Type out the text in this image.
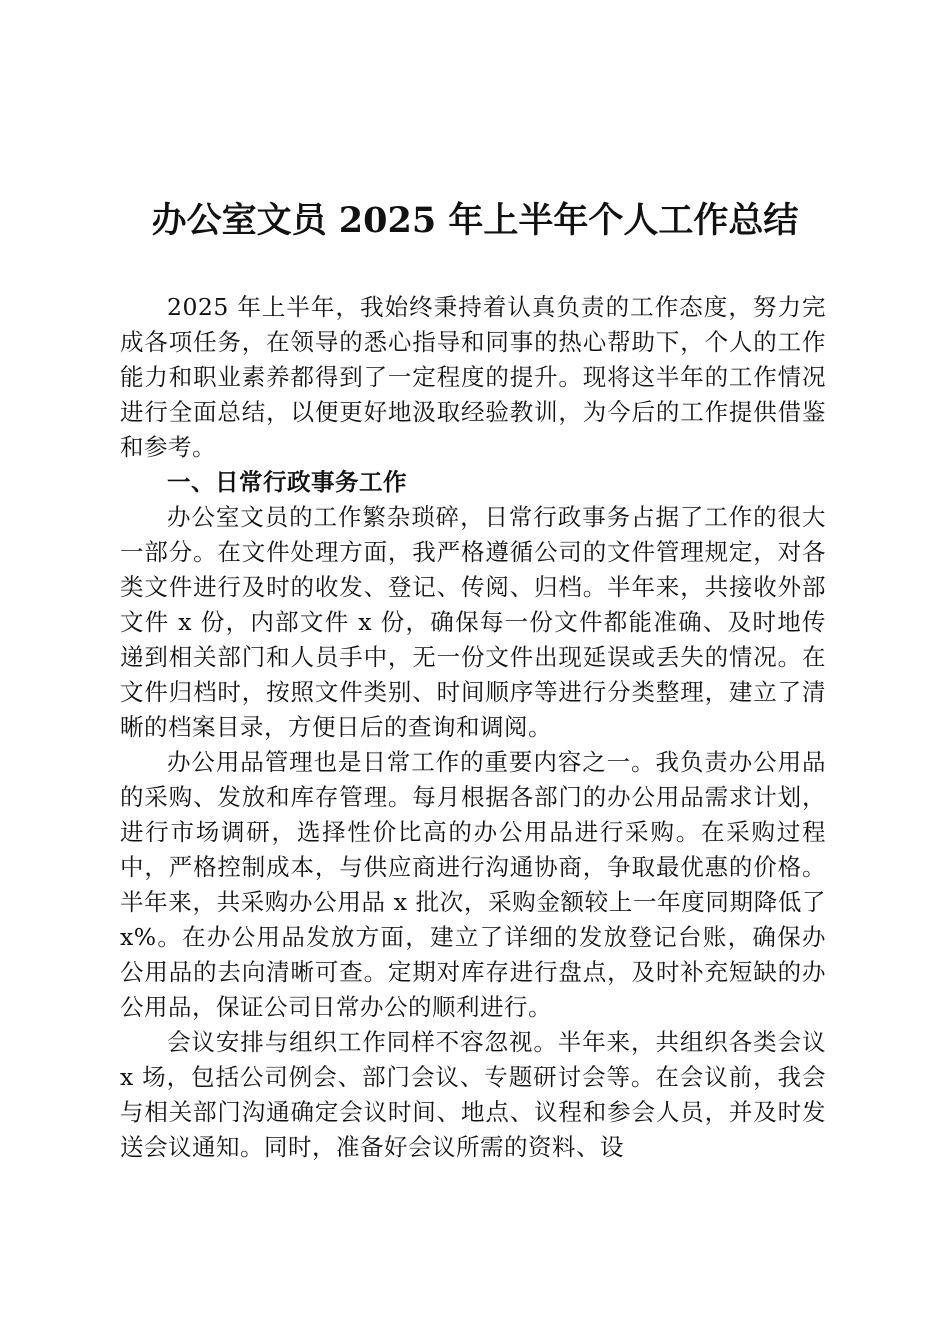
办公室文员 2025 年上半年个人工作总结

2025 年上半年，我始终秉持着认真负责的工作态度，努力完成各项任务，在领导的悉心指导和同事的热心帮助下，个人的工作能力和职业素养都得到了一定程度的提升。现将这半年的工作情况进行全面总结，以便更好地汲取经验教训，为今后的工作提供借鉴和参考。

一、日常行政事务工作

办公室文员的工作繁杂琐碎，日常行政事务占据了工作的很大一部分。在文件处理方面，我严格遵循公司的文件管理规定，对各类文件进行及时的收发、登记、传阅、归档。半年来，共接收外部文件 x 份，内部文件 x 份，确保每一份文件都能准确、及时地传递到相关部门和人员手中，无一份文件出现延误或丢失的情况。在文件归档时，按照文件类别、时间顺序等进行分类整理，建立了清晰的档案目录，方便日后的查询和调阅。

办公用品管理也是日常工作的重要内容之一。我负责办公用品的采购、发放和库存管理。每月根据各部门的办公用品需求计划，进行市场调研，选择性价比高的办公用品进行采购。在采购过程中，严格控制成本，与供应商进行沟通协商，争取最优惠的价格。半年来，共采购办公用品 x 批次，采购金额较上一年度同期降低了 x%。在办公用品发放方面，建立了详细的发放登记台账，确保办公用品的去向清晰可查。定期对库存进行盘点，及时补充短缺的办公用品，保证公司日常办公的顺利进行。

会议安排与组织工作同样不容忽视。半年来，共组织各类会议 x 场，包括公司例会、部门会议、专题研讨会等。在会议前，我会与相关部门沟通确定会议时间、地点、议程和参会人员，并及时发送会议通知。同时，准备好会议所需的资料、设
